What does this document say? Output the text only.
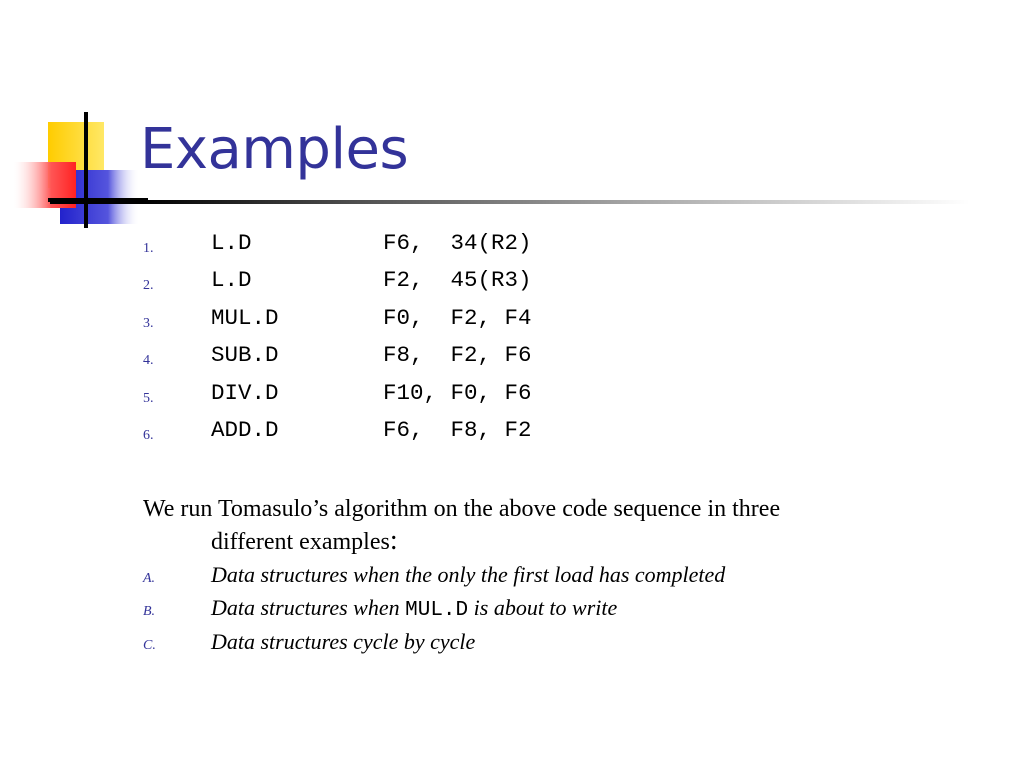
Examples
1.	L.D	F6,  34(R2)
2.	L.D	F2,  45(R3)
3.	MUL.D	F0,  F2, F4
4.	SUB.D	F8,  F2, F6
5.	DIV.D	F10, F0, F6
6.	ADD.D	F6,  F8, F2
We run Tomasulo’s algorithm on the above code sequence in three
different examples:
A.	Data structures when the only the first load has completed
B.	Data structures when MUL.D is about to write
C.	Data structures cycle by cycle
